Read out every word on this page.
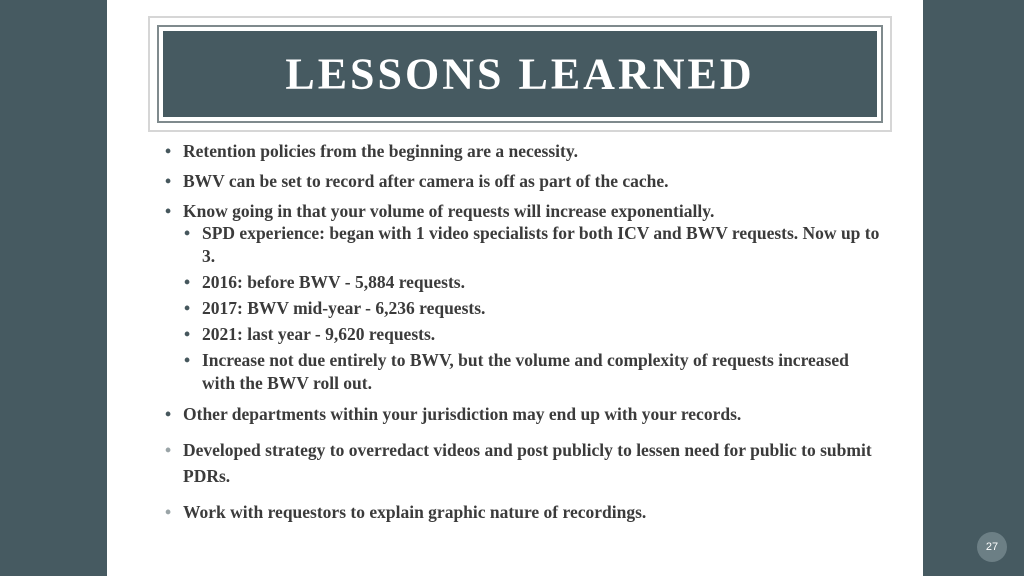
LESSONS LEARNED
• Retention policies from the beginning are a necessity.
• BWV can be set to record after camera is off as part of the cache.
• Know going in that your volume of requests will increase exponentially.
• SPD experience: began with 1 video specialists for both ICV and BWV requests. Now up to 3.
• 2016: before BWV - 5,884 requests.
• 2017: BWV mid-year - 6,236 requests.
• 2021: last year - 9,620 requests.
• Increase not due entirely to BWV, but the volume and complexity of requests increased with the BWV roll out.
• Other departments within your jurisdiction may end up with your records.
• Developed strategy to overredact videos and post publicly to lessen need for public to submit PDRs.
• Work with requestors to explain graphic nature of recordings.
27
